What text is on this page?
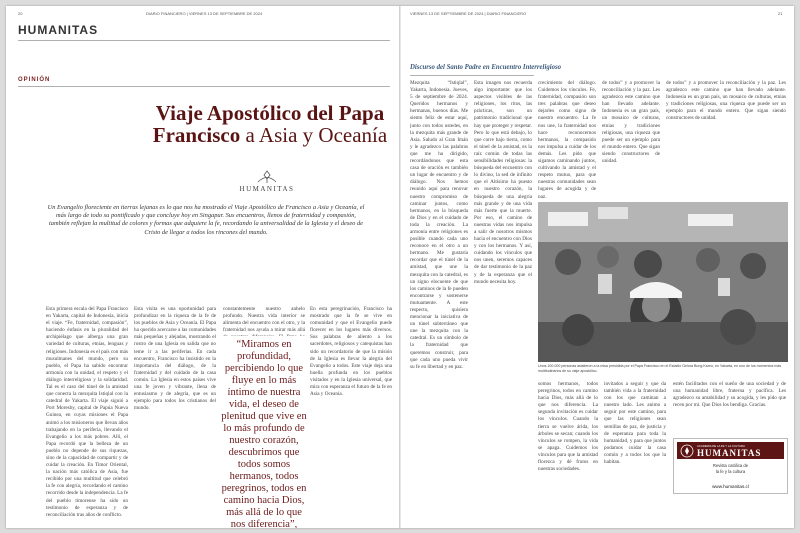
20	DIARIO FINANCIERO | VIERNES 13 DE SEPTIEMBRE DE 2024
HUMANITAS
OPINIÓN
Viaje Apostólico del Papa Francisco a Asia y Oceanía
HUMANITAS
Un Evangelio floreciente en tierras lejanas es lo que nos ha mostrado el Viaje Apostólico de Francisco a Asia y Oceanía, el más largo de todo su pontificado y que concluye hoy en Singapur. Sus encuentros, llenos de fraternidad y compasión, también reflejan la multitud de colores y formas que adquiere la fe, recordando la universalidad de la Iglesia y el deseo de Cristo de llegar a todos los rincones del mundo.
Esta primera escala del Papa Francisco en Yakarta, capital de Indonesia, inicia el viaje. “Fe, fraternidad, compasión”, haciendo énfasis en la pluralidad del archipiélago que alberga una gran variedad de culturas, etnias, lenguas y religiones. Indonesia es el país con más musulmanes del mundo, pero su pueblo, el Papa ha sabido encontrar armonía con la unidad, el respeto y el diálogo interreligioso y la solidaridad. Tal es el caso del túnel de la amistad que conecta la mezquita Istiqlal con la catedral de Yakarta. El viaje siguió a Port Moresby, capital de Papúa Nueva Guinea, en cuyas misiones el Papa animó a los misioneros que llevan años trabajando en la periferia, llevando el Evangelio a los más pobres. Allí, el Papa recordó que la belleza de un pueblo no depende de sus riquezas, sino de la capacidad de compartir y de cuidar la creación. En Timor Oriental, la nación más católica de Asia, fue recibido por una multitud que celebró la fe con alegría, recordando el camino recorrido desde la independencia. La fe del pueblo timorense ha sido un testimonio de esperanza y de reconciliación tras años de conflicto.
Esta visita es una oportunidad para profundizar en la riqueza de la fe de los pueblos de Asia y Oceanía. El Papa ha querido acercarse a las comunidades más pequeñas y alejadas, mostrando el rostro de una Iglesia en salida que no teme ir a las periferias. En cada encuentro, Francisco ha insistido en la importancia del diálogo, de la fraternidad y del cuidado de la casa común. La Iglesia en estos países vive una fe joven y vibrante, llena de entusiasmo y de alegría, que es un ejemplo para todos los cristianos del mundo.
constantemente nuestro anhelo profundo. Nuestra vida interior se alimenta del encuentro con el otro, y la fraternidad nos ayuda a mirar más allá
“Miramos en profundidad, percibiendo lo que fluye en lo más íntimo de nuestra vida, el deseo de plenitud que vive en lo más profundo de nuestro corazón, descubrimos que todos somos hermanos, todos peregrinos, todos en camino hacia Dios, más allá de lo que nos diferencia”,
En esta peregrinación, Francisco ha mostrado que la fe se vive en comunidad y que el Evangelio puede florecer en los lugares más diversos. Sus palabras de aliento a los sacerdotes, religiosos y catequistas han sido un recordatorio de que la misión de la Iglesia es llevar la alegría del Evangelio a todos. Este viaje deja una huella profunda en los pueblos visitados y en la Iglesia universal, que mira con esperanza el futuro de la fe en Asia y Oceanía.
VIERNES 13 DE SEPTIEMBRE DE 2024 | DIARIO FINANCIERO	21
Discurso del Santo Padre en Encuentro Interreligioso
Mezquita “Istiqlal”, Yakarta, Indonesia. Jueves, 5 de septiembre de 2024. Queridos hermanos y hermanas, buenos días. Me siento feliz de estar aquí, junto con todos ustedes, en la mezquita más grande de Asia. Saludo al Gran Imán y le agradezco las palabras que me ha dirigido, recordándonos que esta casa de oración es también un lugar de encuentro y de diálogo. Nos hemos reunido aquí para renovar nuestro compromiso de caminar juntos, como hermanos, en la búsqueda de Dios y en el cuidado de toda la creación. La armonía entre religiones es posible cuando cada uno reconoce en el otro a un hermano. Me gustaría recordar que el túnel de la amistad, que une la mezquita con la catedral, es un signo elocuente de que los caminos de la fe pueden encontrarse y sostenerse mutuamente. A este respecto, quisiera mencionar la iniciativa de un túnel subterráneo que une la mezquita con la catedral. Es un símbolo de la fraternidad que queremos construir, para que cada uno pueda vivir su fe en libertad y en paz.
Esta imagen nos recuerda algo importante: que los aspectos visibles de las religiones, los ritos, las prácticas, son un patrimonio tradicional que hay que proteger y respetar. Pero lo que está debajo, lo que corre bajo tierra, como el túnel de la amistad, es la raíz común de todas las sensibilidades religiosas: la búsqueda del encuentro con lo divino, la sed de infinito que el Altísimo ha puesto en nuestro corazón, la búsqueda de una alegría más grande y de una vida más fuerte que la muerte. Por eso, el camino de nuestras vidas nos impulsa a salir de nosotros mismos hacia el encuentro con Dios y con los hermanos. Y así, cuidando los vínculos que nos unen, seremos capaces de dar testimonio de la paz y de la esperanza que el mundo necesita hoy.
crecimiento del diálogo. Cuidemos los vínculos. Fe, fraternidad, compasión son tres palabras que deseo dejarles como signo de nuestro encuentro. La fe nos une, la fraternidad nos hace reconocernos hermanos, la compasión nos impulsa a cuidar de los demás. Les pido que sigamos caminando juntos, cultivando la amistad y el respeto mutuo, para que nuestras comunidades sean lugares de acogida y de paz.
de todos” y a promover la reconciliación y la paz. Les agradezco este camino que han llevado adelante. Indonesia es un gran país, un mosaico de culturas, etnias y tradiciones religiosas, una riqueza que puede ser un ejemplo para el mundo entero. Que sigan siendo constructores de unidad.
de todos” y a promover la reconciliación y la paz. Les agradezco este camino que han llevado adelante. Indonesia es un gran país, un mosaico de culturas, etnias y tradiciones religiosas, una riqueza que puede ser un ejemplo para el mundo entero. Que sigan siendo constructores de unidad.
Unos 100.000 personas asistieron a la misa presidida por el Papa Francisco en el Estadio Gelora Bung Karno, en Yakarta, en uno de los momentos más multitudinarios de su viaje apostólico.
somos hermanos, todos peregrinos, todos en camino hacia Dios, más allá de lo que nos diferencia. La segunda invitación es cuidar los vínculos. Cuando la tierra se vuelve árida, los árboles se secan; cuando los vínculos se rompen, la vida se apaga. Cuidemos los vínculos para que la amistad florezca y dé frutos en nuestras sociedades.
invitados a seguir y que da también vida a la fraternidad con los que caminan a nuestro lado. Les animo a seguir por este camino, para que las religiones sean semillas de paz, de justicia y de esperanza para toda la humanidad, y para que juntos podamos cuidar la casa común y a todos los que la habitan.
estén facilitados con el sueño de una sociedad y de una humanidad libre, fraterna y pacífica. Les agradezco su amabilidad y su acogida, y les pido que recen por mí. Que Dios los bendiga. Gracias.
ACADEMIA DE LA FE Y LA CULTURA
HUMANITAS
Revista católica de
la fe y la cultura
www.humanitas.cl
